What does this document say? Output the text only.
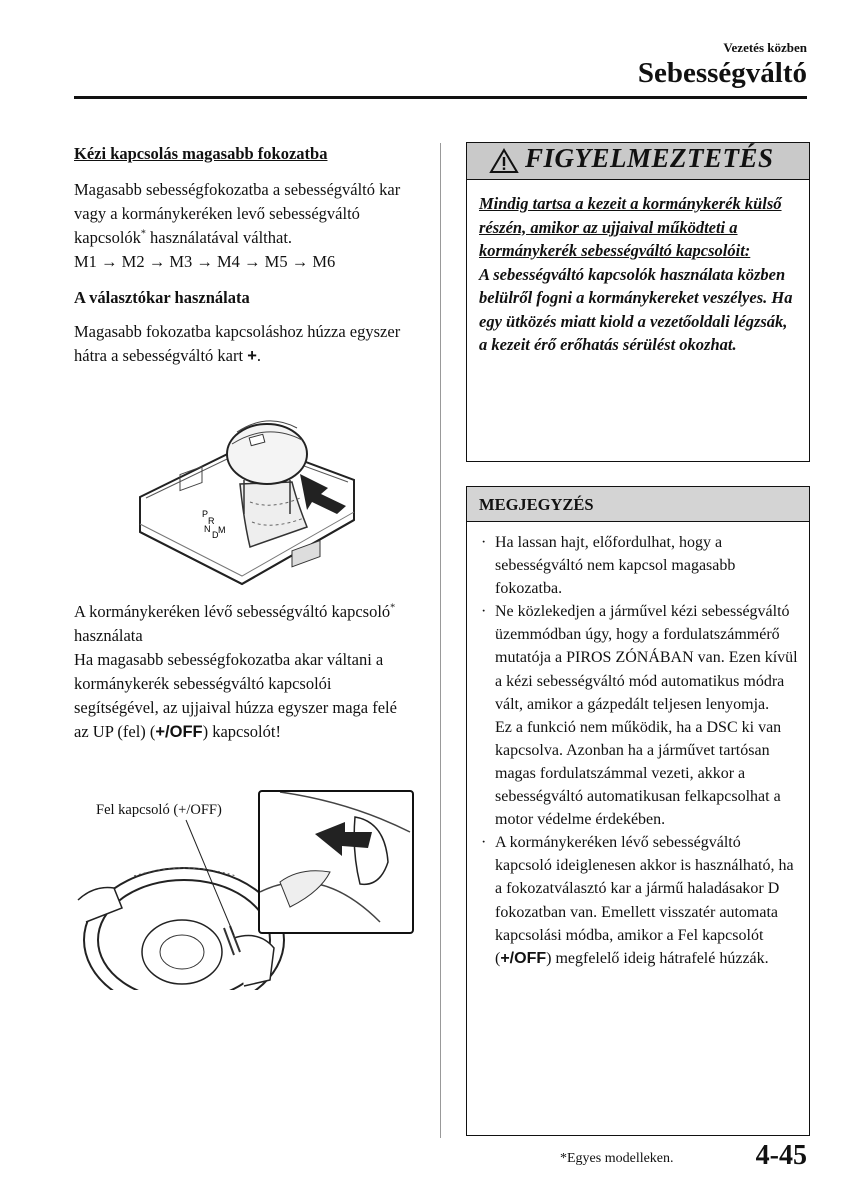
Vezetés közben
Sebességváltó

Kézi kapcsolás magasabb fokozatba

Magasabb sebességfokozatba a sebességváltó kar vagy a kormánykeréken levő sebességváltó kapcsolók* használatával válthat.

M1 → M2 → M3 → M4 → M5 → M6

A választókar használata

Magasabb fokozatba kapcsoláshoz húzza egyszer hátra a sebességváltó kart +.

P
R
N
D M

A kormánykeréken lévő sebességváltó kapcsoló* használata

Ha magasabb sebességfokozatba akar váltani a kormánykerék sebességváltó kapcsolói segítségével, az ujjaival húzza egyszer maga felé az UP (fel) (+/OFF) kapcsolót!

Fel kapcsoló (+/OFF)
FIGYELMEZTETÉS
Mindig tartsa a kezeit a kormánykerék külső részén, amikor az ujjaival működteti a kormánykerék sebességváltó kapcsolóit:
A sebességváltó kapcsolók használata közben belülről fogni a kormánykereket veszélyes. Ha egy ütközés miatt kiold a vezetőoldali légzsák, a kezeit érő erőhatás sérülést okozhat.
MEGJEGYZÉS
· Ha lassan hajt, előfordulhat, hogy a sebességváltó nem kapcsol magasabb fokozatba.
· Ne közlekedjen a járművel kézi sebességváltó üzemmódban úgy, hogy a fordulatszámmérő mutatója a PIROS ZÓNÁBAN van. Ezen kívül a kézi sebességváltó mód automatikus módra vált, amikor a gázpedált teljesen lenyomja.
Ez a funkció nem működik, ha a DSC ki van kapcsolva. Azonban ha a járművet tartósan magas fordulatszámmal vezeti, akkor a sebességváltó automatikusan felkapcsolhat a motor védelme érdekében.
· A kormánykeréken lévő sebességváltó kapcsoló ideiglenesen akkor is használható, ha a fokozatválasztó kar a jármű haladásakor D fokozatban van. Emellett visszatér automata kapcsolási módba, amikor a Fel kapcsolót (+/OFF) megfelelő ideig hátrafelé húzzák.
*Egyes modelleken.	4-45
